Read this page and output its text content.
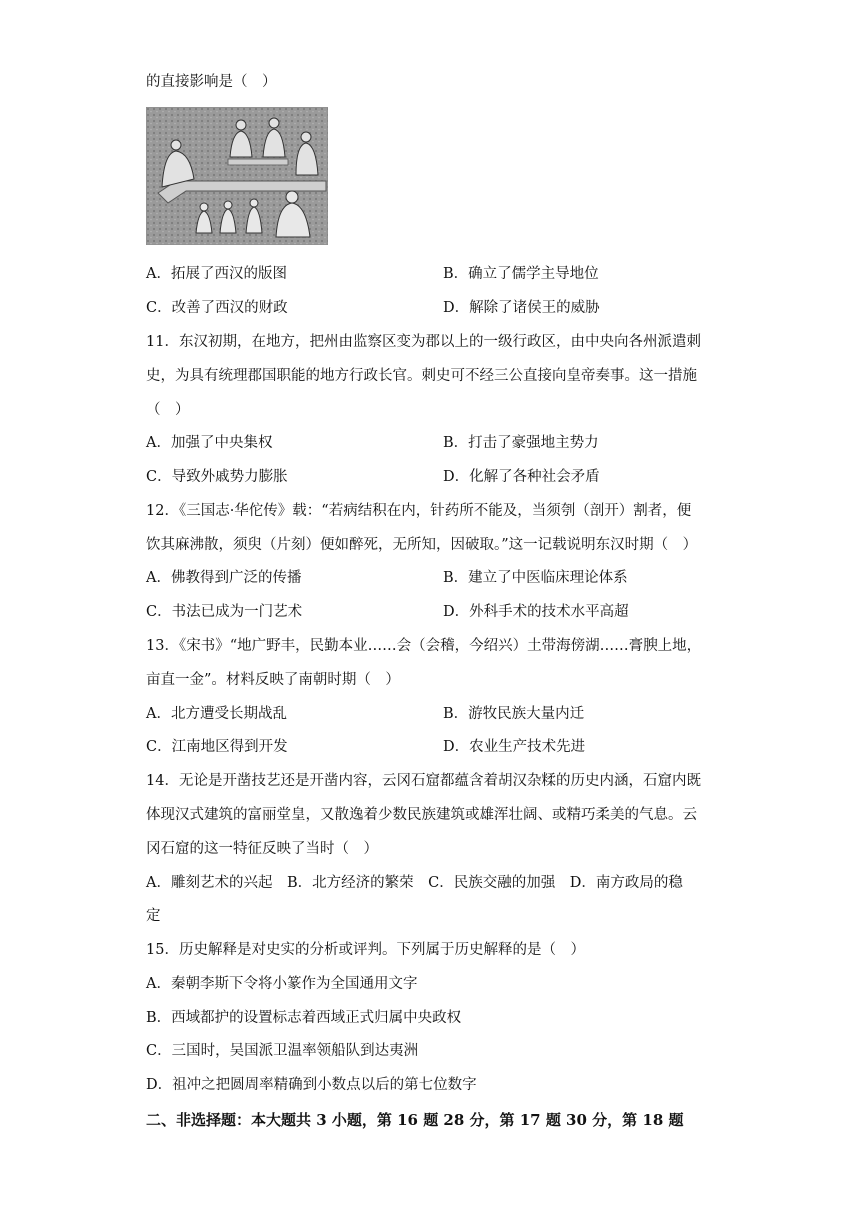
的直接影响是（　）
A．拓展了西汉的版图	B．确立了儒学主导地位
C．改善了西汉的财政	D．解除了诸侯王的威胁
11．东汉初期，在地方，把州由监察区变为郡以上的一级行政区，由中央向各州派遣刺
史，为具有统理郡国职能的地方行政长官。刺史可不经三公直接向皇帝奏事。这一措施
（　）
A．加强了中央集权	B．打击了豪强地主势力
C．导致外戚势力膨胀	D．化解了各种社会矛盾
12．《三国志·华佗传》载：“若病结积在内，针药所不能及，当须刳（剖开）割者，便
饮其麻沸散，须臾（片刻）便如醉死，无所知，因破取。”这一记载说明东汉时期（　）
A．佛教得到广泛的传播	B．建立了中医临床理论体系
C．书法已成为一门艺术	D．外科手术的技术水平高超
13．《宋书》“地广野丰，民勤本业……会（会稽，今绍兴）土带海傍湖……膏腴上地，
亩直一金”。材料反映了南朝时期（　）
A．北方遭受长期战乱	B．游牧民族大量内迁
C．江南地区得到开发	D．农业生产技术先进
14．无论是开凿技艺还是开凿内容，云冈石窟都蕴含着胡汉杂糅的历史内涵，石窟内既
体现汉式建筑的富丽堂皇，又散逸着少数民族建筑或雄浑壮阔、或精巧柔美的气息。云
冈石窟的这一特征反映了当时（　）
A．雕刻艺术的兴起　B．北方经济的繁荣　C．民族交融的加强　D．南方政局的稳
定
15．历史解释是对史实的分析或评判。下列属于历史解释的是（　）
A．秦朝李斯下令将小篆作为全国通用文字
B．西域都护的设置标志着西域正式归属中央政权
C．三国时，吴国派卫温率领船队到达夷洲
D．祖冲之把圆周率精确到小数点以后的第七位数字
二、非选择题：本大题共 3 小题，第 16 题 28 分，第 17 题 30 分，第 18 题
